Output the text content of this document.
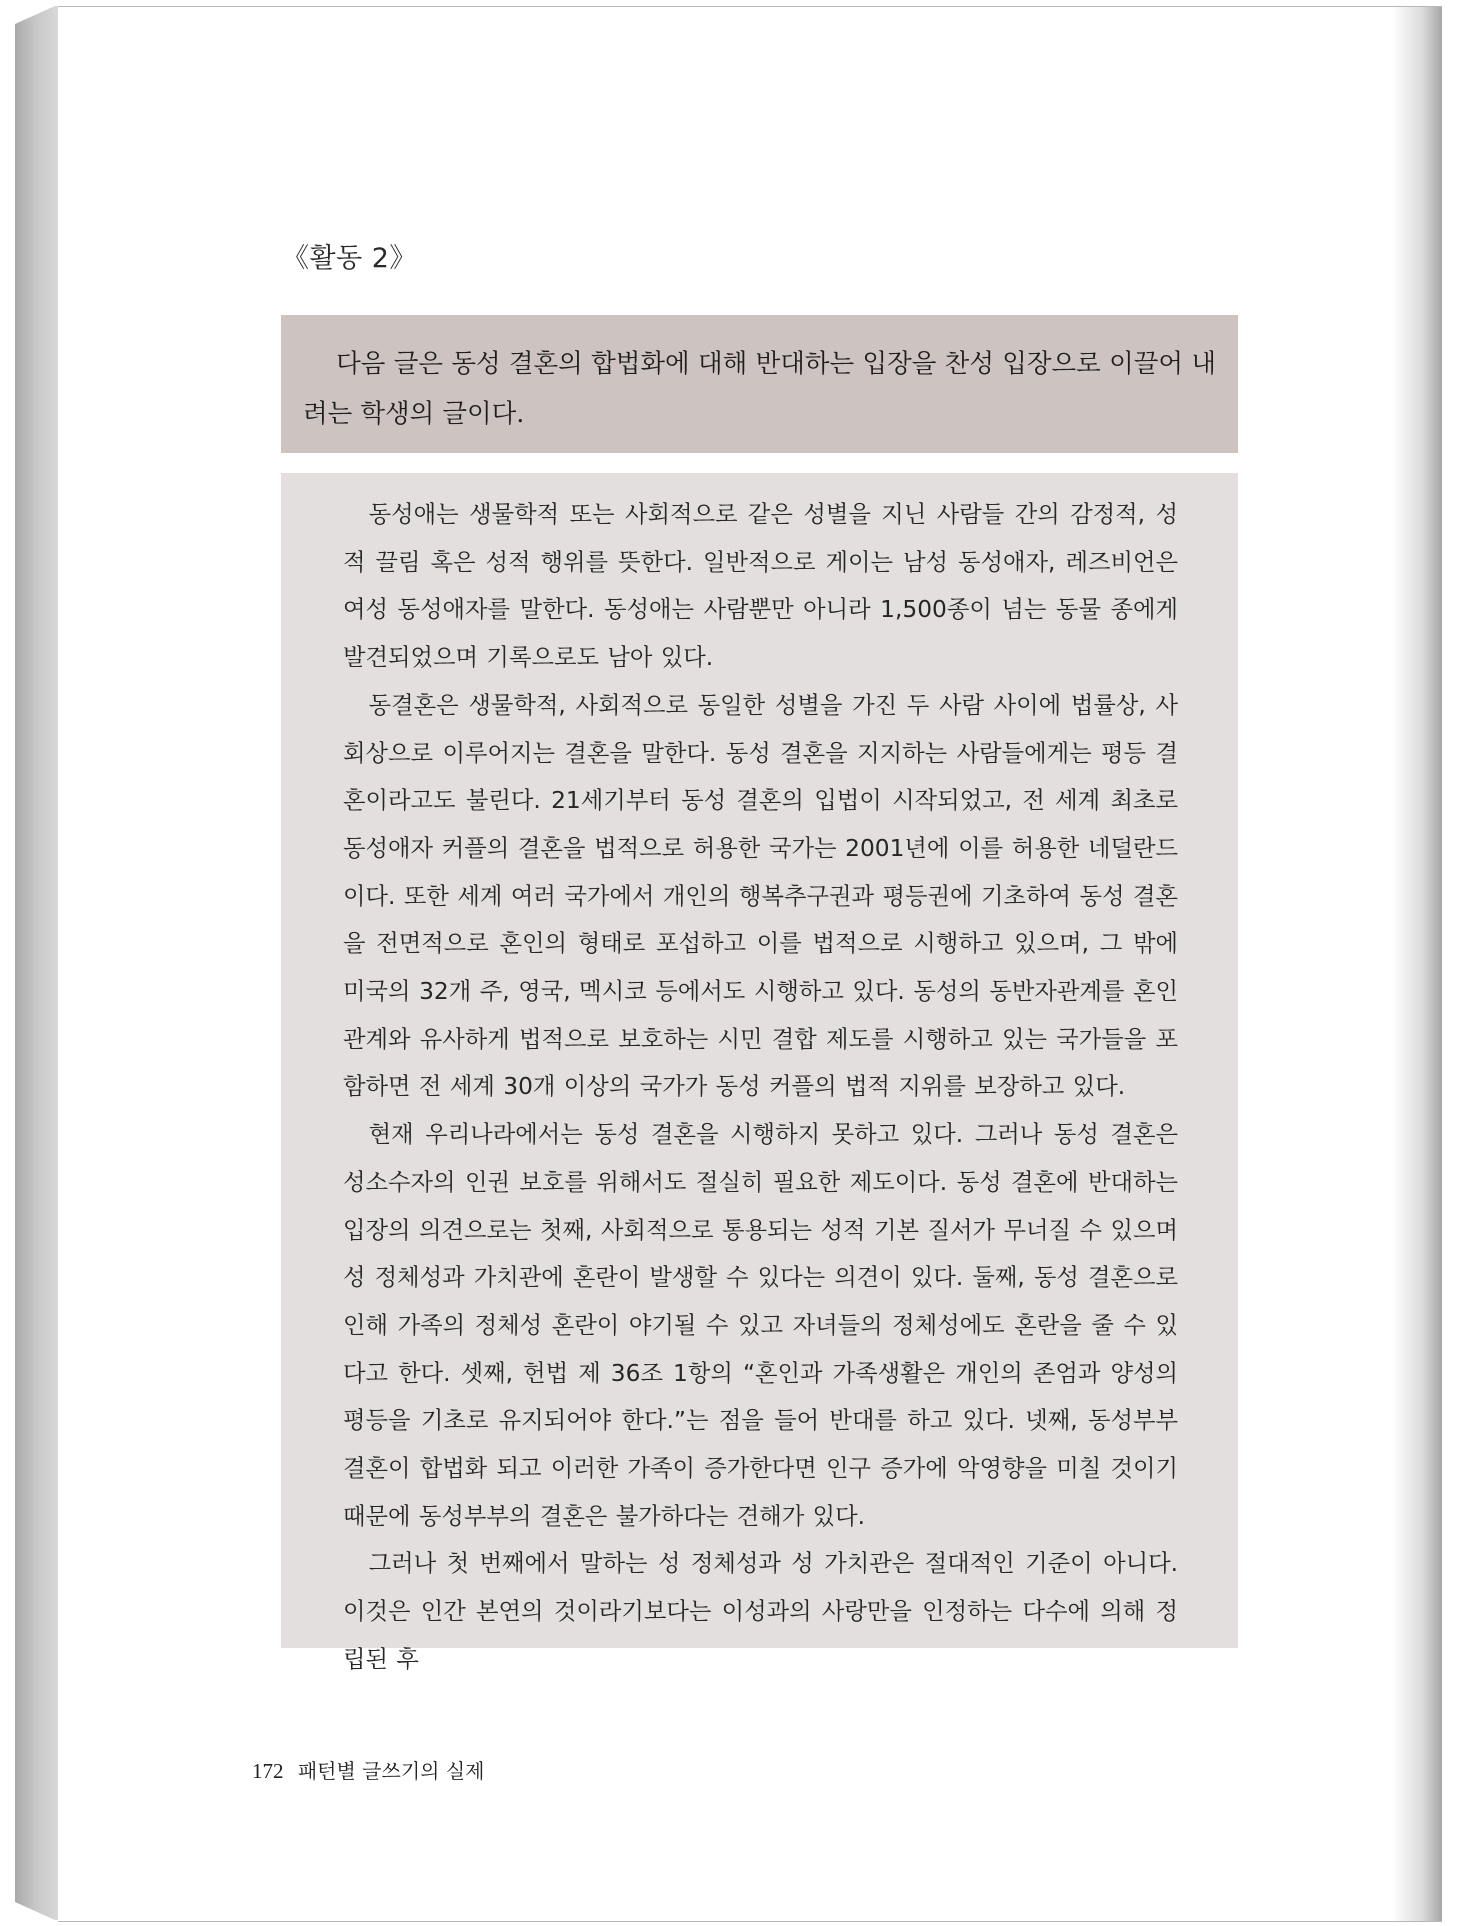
《활동 2》
다음 글은 동성 결혼의 합법화에 대해 반대하는 입장을 찬성 입장으로 이끌어 내려는 학생의 글이다.

동성애는 생물학적 또는 사회적으로 같은 성별을 지닌 사람들 간의 감정적, 성적 끌림 혹은 성적 행위를 뜻한다. 일반적으로 게이는 남성 동성애자, 레즈비언은 여성 동성애자를 말한다. 동성애는 사람뿐만 아니라 1,500종이 넘는 동물 종에게 발견되었으며 기록으로도 남아 있다.

동결혼은 생물학적, 사회적으로 동일한 성별을 가진 두 사람 사이에 법률상, 사회상으로 이루어지는 결혼을 말한다. 동성 결혼을 지지하는 사람들에게는 평등 결혼이라고도 불린다. 21세기부터 동성 결혼의 입법이 시작되었고, 전 세계 최초로 동성애자 커플의 결혼을 법적으로 허용한 국가는 2001년에 이를 허용한 네덜란드이다. 또한 세계 여러 국가에서 개인의 행복추구권과 평등권에 기초하여 동성 결혼을 전면적으로 혼인의 형태로 포섭하고 이를 법적으로 시행하고 있으며, 그 밖에 미국의 32개 주, 영국, 멕시코 등에서도 시행하고 있다. 동성의 동반자관계를 혼인관계와 유사하게 법적으로 보호하는 시민 결합 제도를 시행하고 있는 국가들을 포함하면 전 세계 30개 이상의 국가가 동성 커플의 법적 지위를 보장하고 있다.

현재 우리나라에서는 동성 결혼을 시행하지 못하고 있다. 그러나 동성 결혼은 성소수자의 인권 보호를 위해서도 절실히 필요한 제도이다. 동성 결혼에 반대하는 입장의 의견으로는 첫째, 사회적으로 통용되는 성적 기본 질서가 무너질 수 있으며 성 정체성과 가치관에 혼란이 발생할 수 있다는 의견이 있다. 둘째, 동성 결혼으로 인해 가족의 정체성 혼란이 야기될 수 있고 자녀들의 정체성에도 혼란을 줄 수 있다고 한다. 셋째, 헌법 제 36조 1항의 “혼인과 가족생활은 개인의 존엄과 양성의 평등을 기초로 유지되어야 한다.”는 점을 들어 반대를 하고 있다. 넷째, 동성부부 결혼이 합법화 되고 이러한 가족이 증가한다면 인구 증가에 악영향을 미칠 것이기 때문에 동성부부의 결혼은 불가하다는 견해가 있다.

그러나 첫 번째에서 말하는 성 정체성과 성 가치관은 절대적인 기준이 아니다. 이것은 인간 본연의 것이라기보다는 이성과의 사랑만을 인정하는 다수에 의해 정립된 후

172 패턴별 글쓰기의 실제
